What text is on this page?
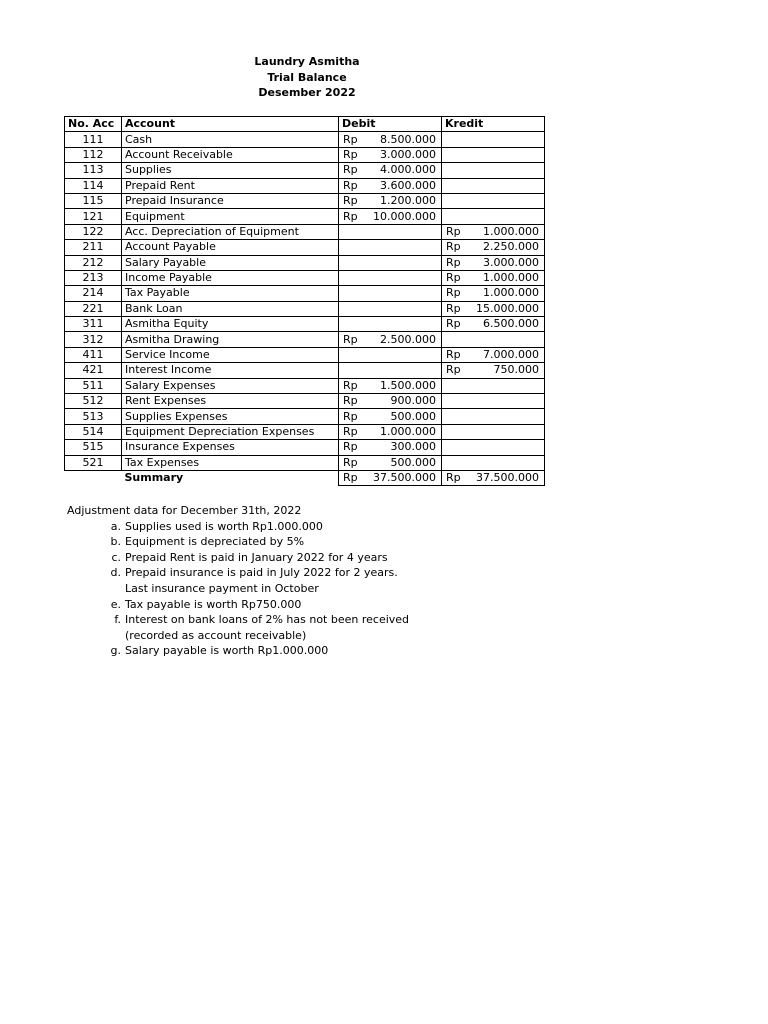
Laundry Asmitha
Trial Balance
Desember 2022
No. Acc	Account	Debit	Kredit
111	Cash	Rp 8.500.000	

112	Account Receivable	Rp 3.000.000	

113	Supplies	Rp 4.000.000	

114	Prepaid Rent	Rp 3.600.000	

115	Prepaid Insurance	Rp 1.200.000	

121	Equipment	Rp 10.000.000	

122	Acc. Depreciation of Equipment		Rp 1.000.000

211	Account Payable		Rp 2.250.000

212	Salary Payable		Rp 3.000.000

213	Income Payable		Rp 1.000.000

214	Tax Payable		Rp 1.000.000

221	Bank Loan		Rp 15.000.000

311	Asmitha Equity		Rp 6.500.000

312	Asmitha Drawing	Rp 2.500.000	

411	Service Income		Rp 7.000.000

421	Interest Income		Rp 750.000

511	Salary Expenses	Rp 1.500.000	

512	Rent Expenses	Rp 900.000	

513	Supplies Expenses	Rp 500.000	

514	Equipment Depreciation Expenses	Rp 1.000.000	

515	Insurance Expenses	Rp 300.000	

521	Tax Expenses	Rp 500.000	

	Summary	Rp 37.500.000	Rp 37.500.000
Adjustment data for December 31th, 2022
a. Supplies used is worth Rp1.000.000
b. Equipment is depreciated by 5%
c. Prepaid Rent is paid in January 2022 for 4 years
d. Prepaid insurance is paid in July 2022 for 2 years.
Last insurance payment in October
e. Tax payable is worth Rp750.000
f. Interest on bank loans of 2% has not been received
(recorded as account receivable)
g. Salary payable is worth Rp1.000.000
